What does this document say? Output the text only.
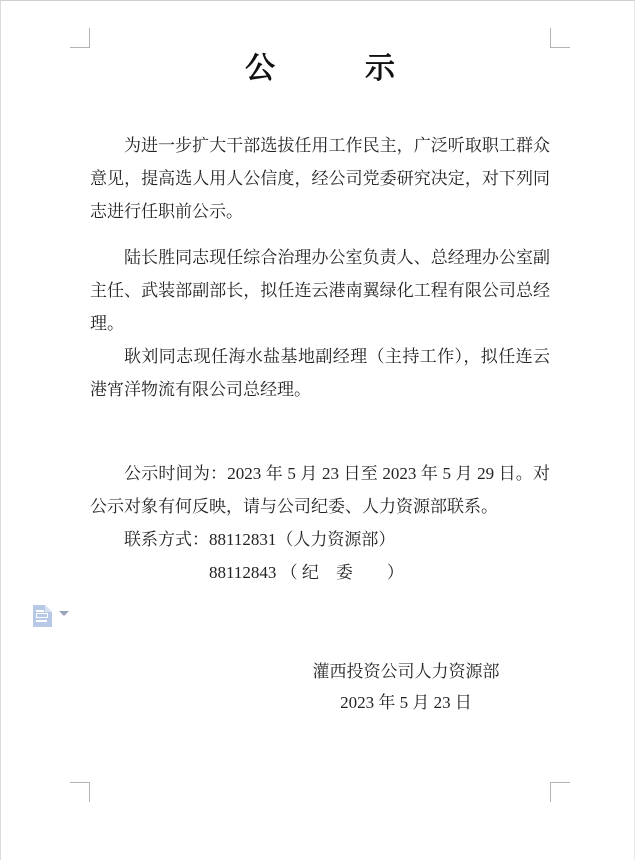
公　　　示

为进一步扩大干部选拔任用工作民主，广泛听取职工群众意见，提高选人用人公信度，经公司党委研究决定，对下列同志进行任职前公示。

陆长胜同志现任综合治理办公室负责人、总经理办公室副主任、武装部副部长，拟任连云港南翼绿化工程有限公司总经理。

耿刘同志现任海水盐基地副经理（主持工作），拟任连云港宵洋物流有限公司总经理。

公示时间为：2023 年 5 月 23 日至 2023 年 5 月 29 日。对公示对象有何反映，请与公司纪委、人力资源部联系。

联系方式：88112831（人力资源部）

88112843 （ 纪　委　　）

灌西投资公司人力资源部

2023 年 5 月 23 日
